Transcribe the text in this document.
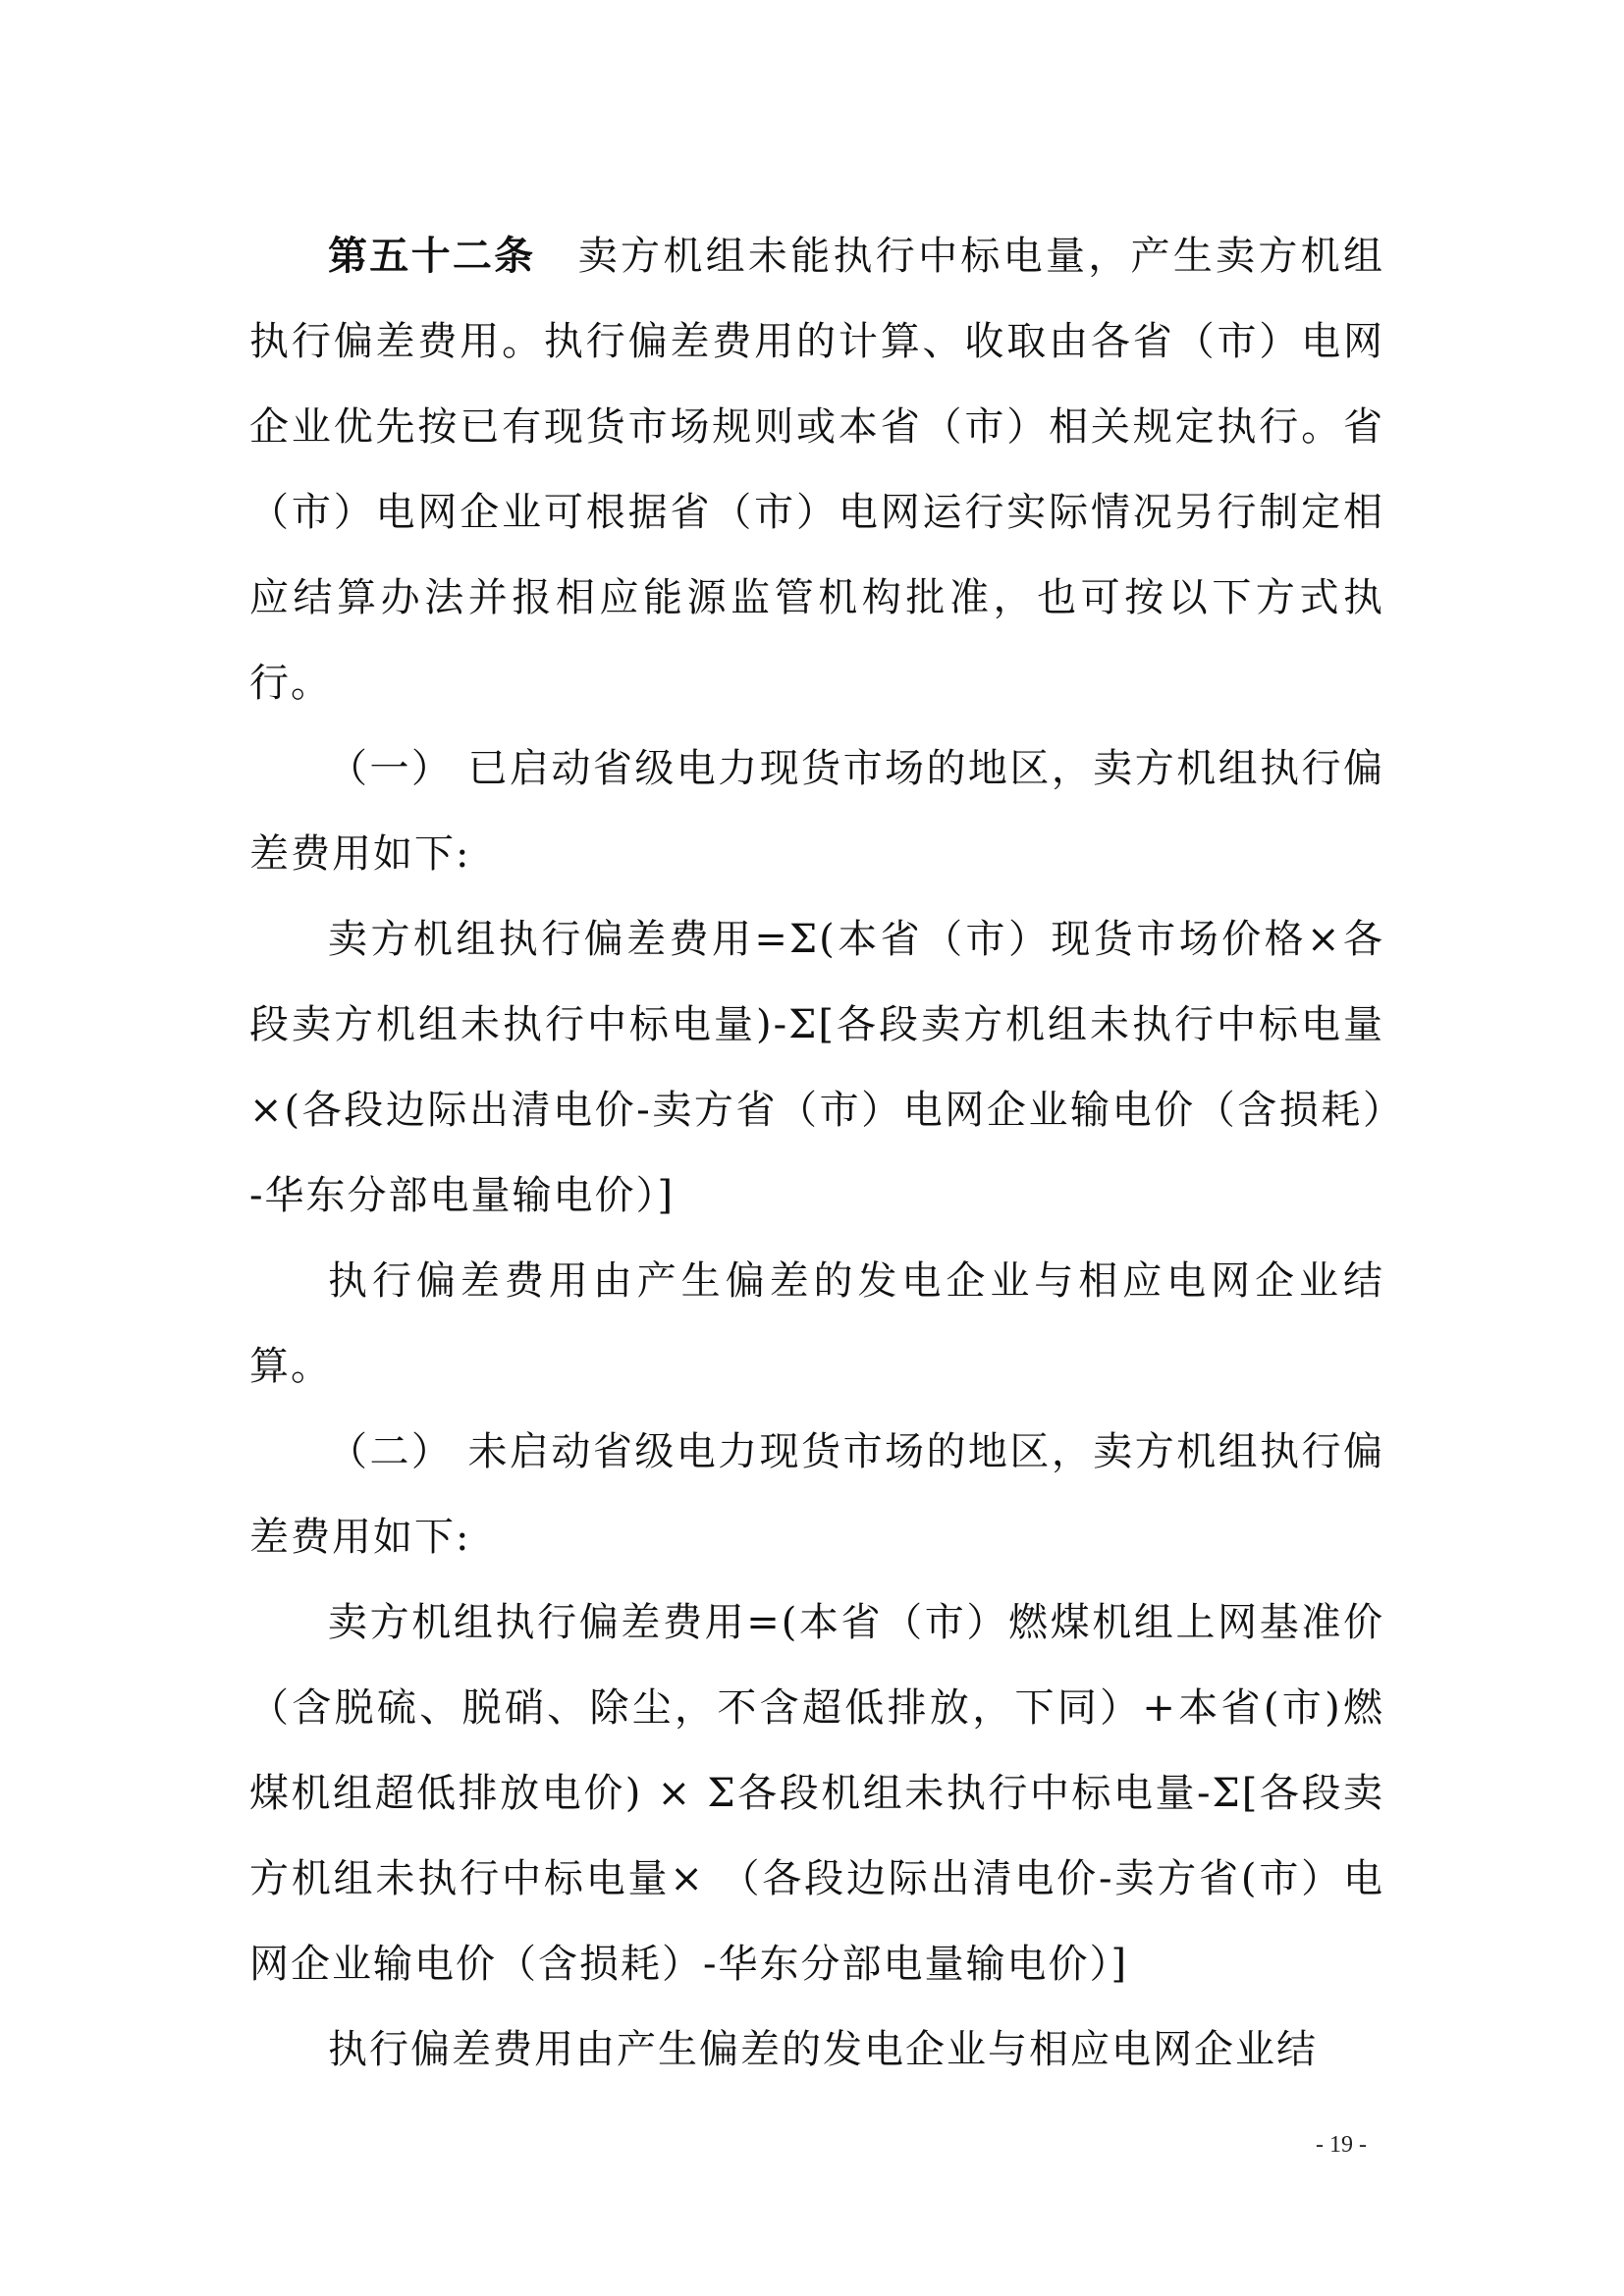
第五十二条　 卖方机组未能执行中标电量，产生卖方机组执行偏差费用。执行偏差费用的计算、收取由各省（市）电网企业优先按已有现货市场规则或本省（市）相关规定执行。省（市）电网企业可根据省（市）电网运行实际情况另行制定相应结算办法并报相应能源监管机构批准，也可按以下方式执行。

（一） 已启动省级电力现货市场的地区，卖方机组执行偏差费用如下:

卖方机组执行偏差费用=Σ(本省（市）现货市场价格×各段卖方机组未执行中标电量)-Σ[各段卖方机组未执行中标电量×(各段边际出清电价-卖方省（市）电网企业输电价（含损耗）-华东分部电量输电价）]

执行偏差费用由产生偏差的发电企业与相应电网企业结算。

（二） 未启动省级电力现货市场的地区，卖方机组执行偏差费用如下:

卖方机组执行偏差费用=(本省（市）燃煤机组上网基准价（含脱硫、脱硝、除尘，不含超低排放，下同）+本省(市)燃煤机组超低排放电价) × Σ各段机组未执行中标电量-Σ[各段卖方机组未执行中标电量× （各段边际出清电价-卖方省(市）电网企业输电价（含损耗）-华东分部电量输电价）]

执行偏差费用由产生偏差的发电企业与相应电网企业结

- 19 -
